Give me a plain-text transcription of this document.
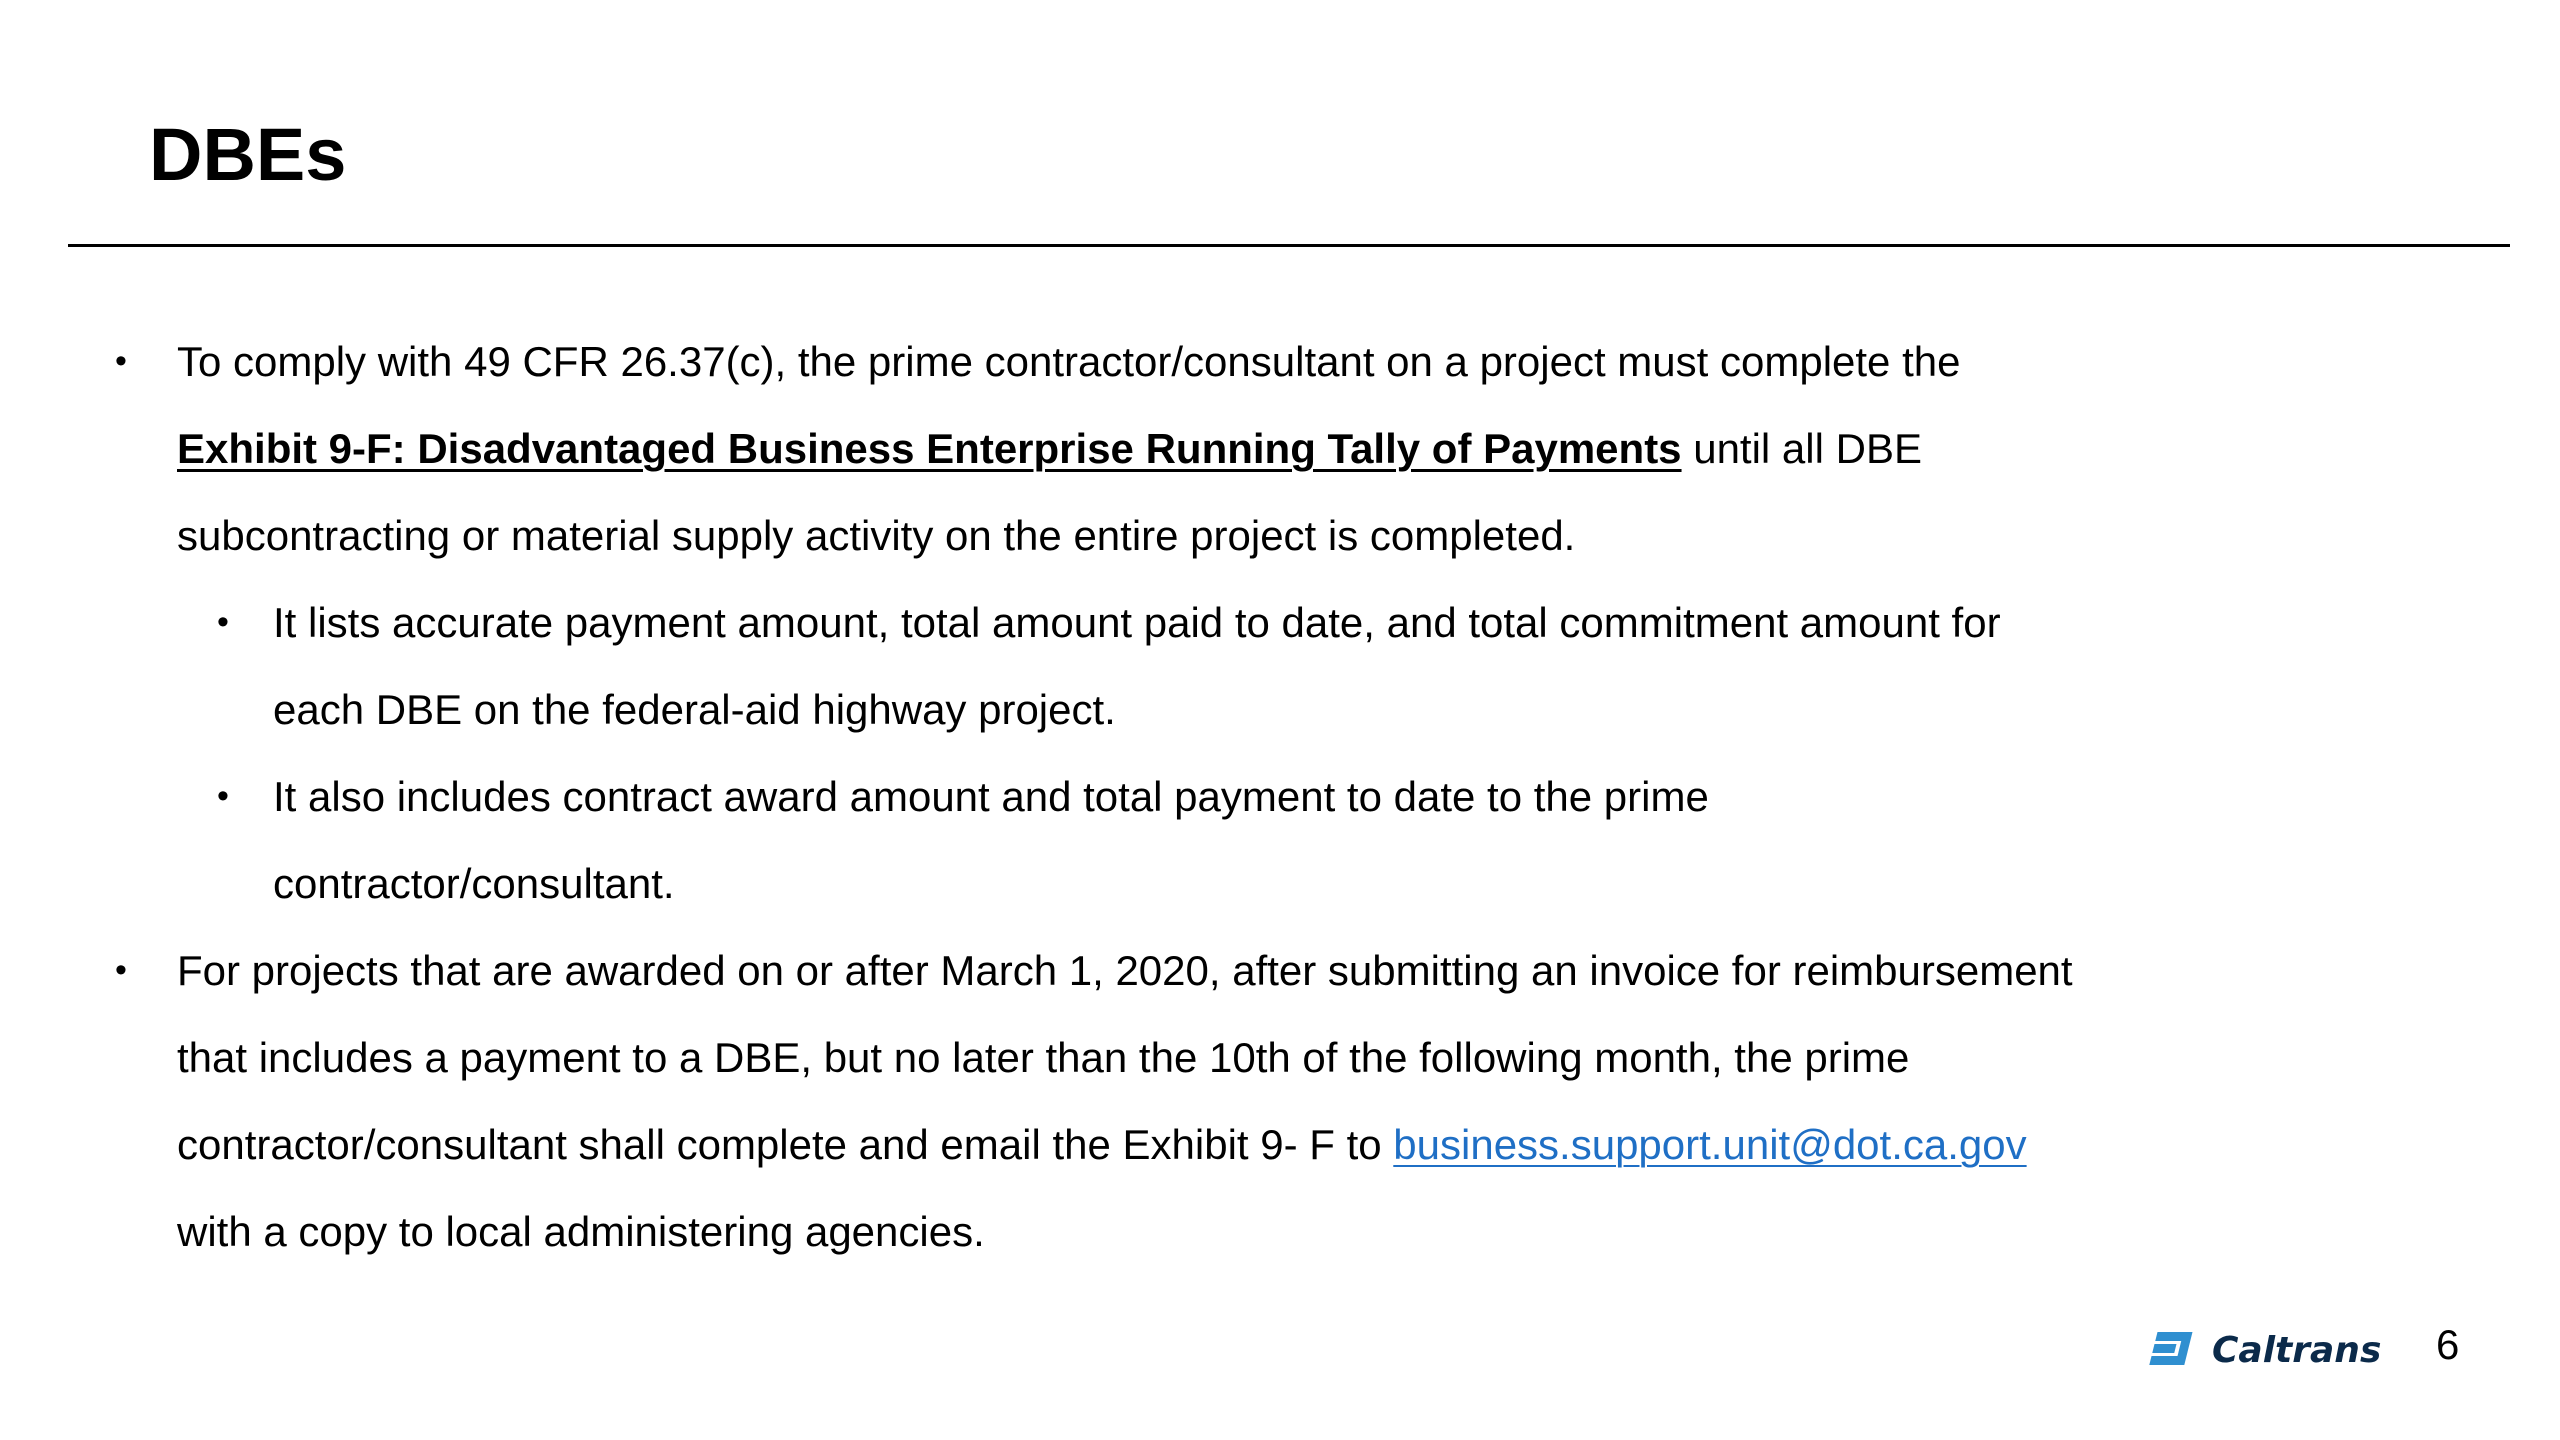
DBEs
• To comply with 49 CFR 26.37(c), the prime contractor/consultant on a project must complete the Exhibit 9-F: Disadvantaged Business Enterprise Running Tally of Payments until all DBE subcontracting or material supply activity on the entire project is completed.
• It lists accurate payment amount, total amount paid to date, and total commitment amount for each DBE on the federal-aid highway project.
• It also includes contract award amount and total payment to date to the prime contractor/consultant.
• For projects that are awarded on or after March 1, 2020, after submitting an invoice for reimbursement that includes a payment to a DBE, but no later than the 10th of the following month, the prime contractor/consultant shall complete and email the Exhibit 9- F to business.support.unit@dot.ca.gov with a copy to local administering agencies.
Caltrans 6
